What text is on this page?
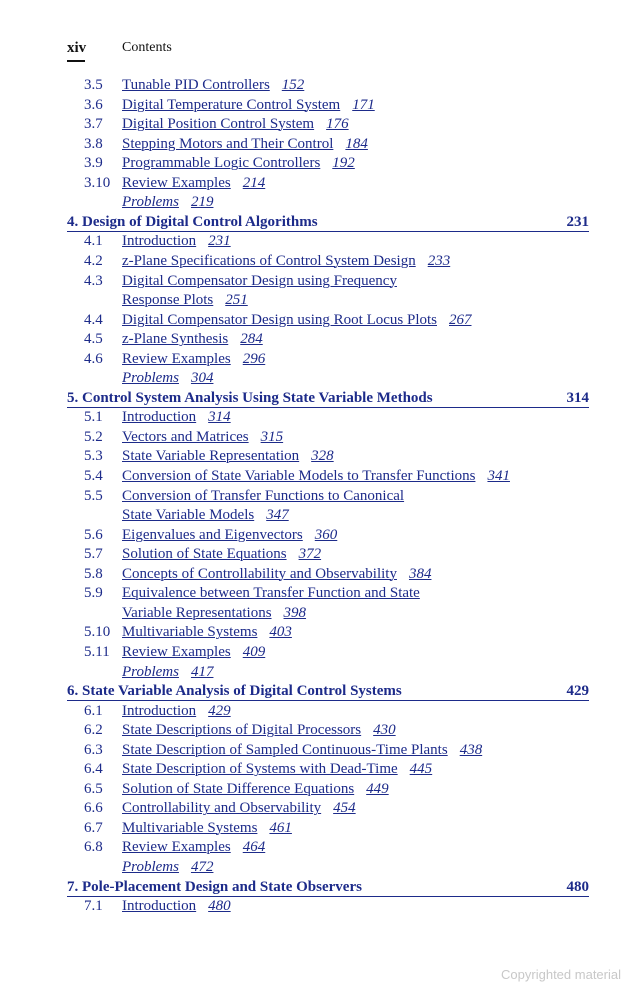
xiv	Contents
3.5 Tunable PID Controllers 152
3.6 Digital Temperature Control System 171
3.7 Digital Position Control System 176
3.8 Stepping Motors and Their Control 184
3.9 Programmable Logic Controllers 192
3.10 Review Examples 214
Problems 219
4. Design of Digital Control Algorithms	231
4.1 Introduction 231
4.2 z-Plane Specifications of Control System Design 233
4.3 Digital Compensator Design using Frequency
Response Plots 251
4.4 Digital Compensator Design using Root Locus Plots 267
4.5 z-Plane Synthesis 284
4.6 Review Examples 296
Problems 304
5. Control System Analysis Using State Variable Methods	314
5.1 Introduction 314
5.2 Vectors and Matrices 315
5.3 State Variable Representation 328
5.4 Conversion of State Variable Models to Transfer Functions 341
5.5 Conversion of Transfer Functions to Canonical
State Variable Models 347
5.6 Eigenvalues and Eigenvectors 360
5.7 Solution of State Equations 372
5.8 Concepts of Controllability and Observability 384
5.9 Equivalence between Transfer Function and State
Variable Representations 398
5.10 Multivariable Systems 403
5.11 Review Examples 409
Problems 417
6. State Variable Analysis of Digital Control Systems	429
6.1 Introduction 429
6.2 State Descriptions of Digital Processors 430
6.3 State Description of Sampled Continuous-Time Plants 438
6.4 State Description of Systems with Dead-Time 445
6.5 Solution of State Difference Equations 449
6.6 Controllability and Observability 454
6.7 Multivariable Systems 461
6.8 Review Examples 464
Problems 472
7. Pole-Placement Design and State Observers	480
7.1 Introduction 480
Copyrighted material
